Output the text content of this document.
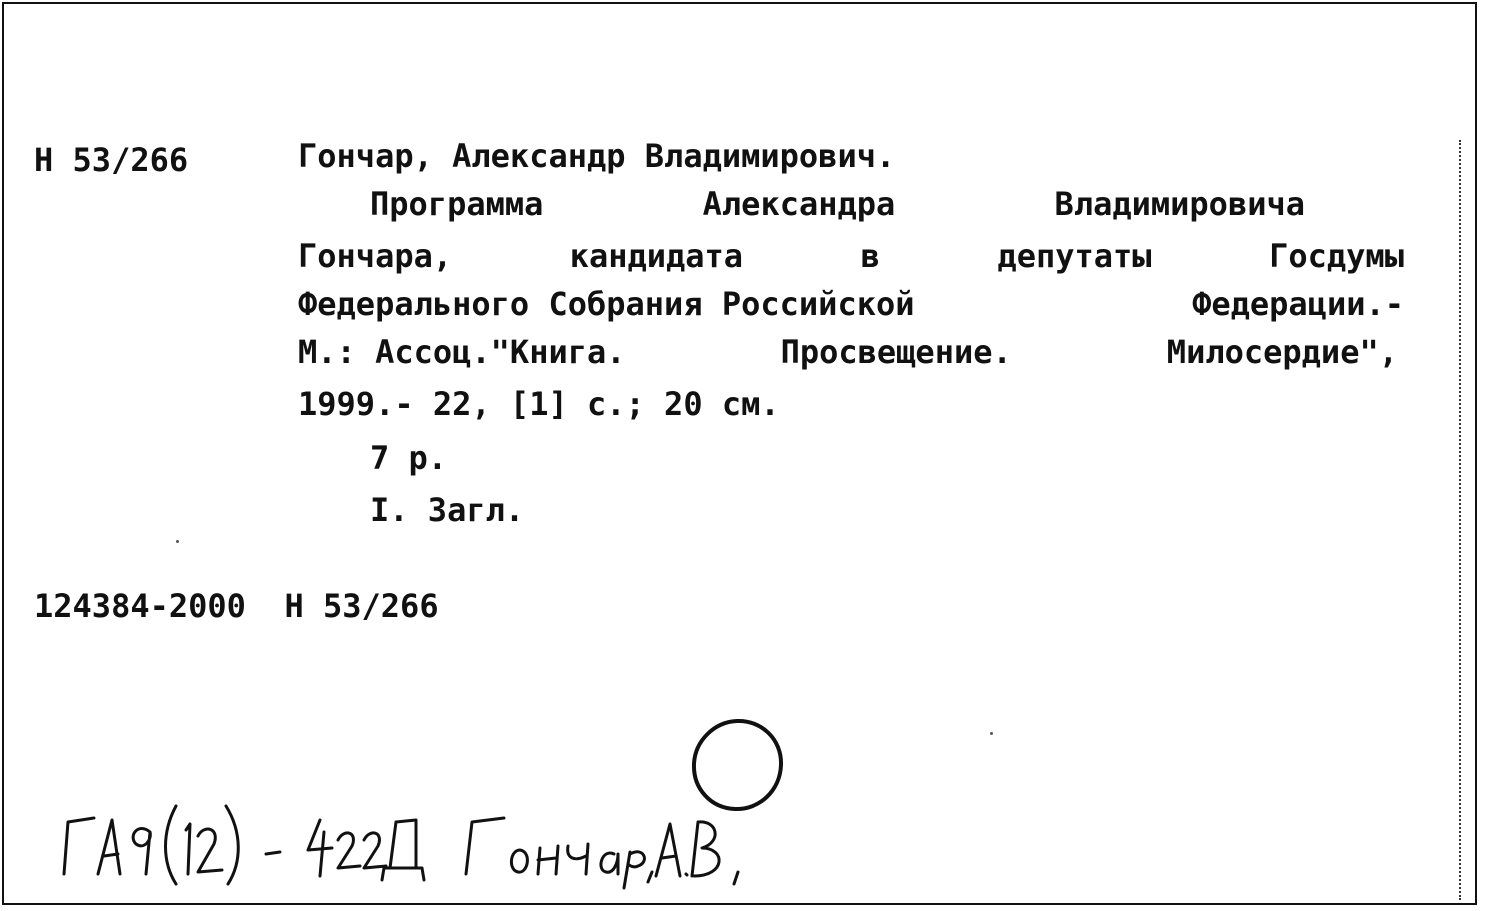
Н 53/266	Гончар, Александр Владимирович.
Программа	Александра	Владимировича
Гончара,	кандидата	в	депутаты	Госдумы
Федерального Собрания Российской	Федерации.-
М.: Ассоц."Книга.	Просвещение.	Милосердие",
1999.- 22, [1] с.; 20 см.
7 р.
I. Загл.
124384-2000  Н 53/266
